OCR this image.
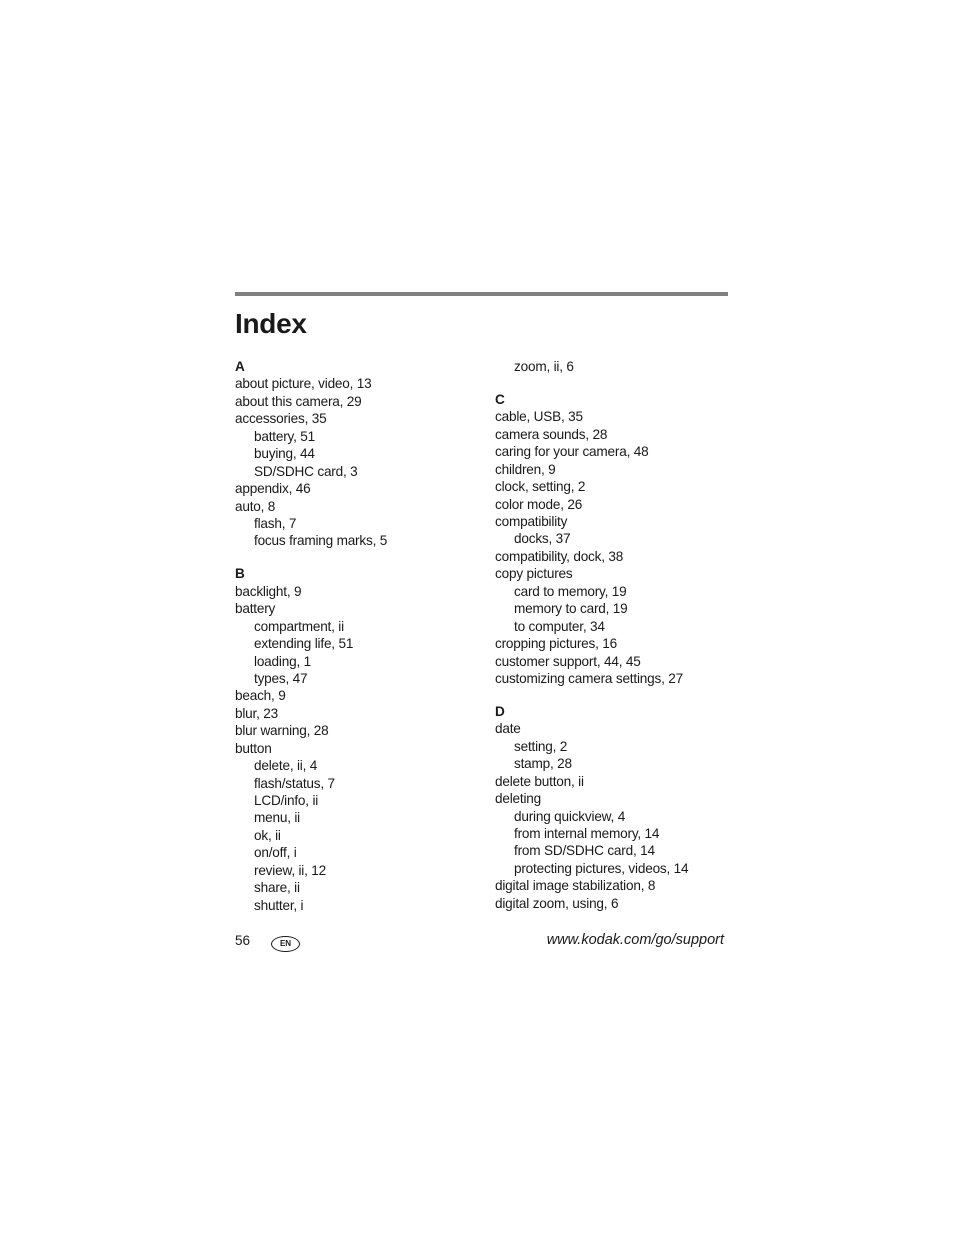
Index
A
about picture, video, 13
about this camera, 29
accessories, 35
battery, 51
buying, 44
SD/SDHC card, 3
appendix, 46
auto, 8
flash, 7
focus framing marks, 5
B
backlight, 9
battery
compartment, ii
extending life, 51
loading, 1
types, 47
beach, 9
blur, 23
blur warning, 28
button
delete, ii, 4
flash/status, 7
LCD/info, ii
menu, ii
ok, ii
on/off, i
review, ii, 12
share, ii
shutter, i
zoom, ii, 6
C
cable, USB, 35
camera sounds, 28
caring for your camera, 48
children, 9
clock, setting, 2
color mode, 26
compatibility
docks, 37
compatibility, dock, 38
copy pictures
card to memory, 19
memory to card, 19
to computer, 34
cropping pictures, 16
customer support, 44, 45
customizing camera settings, 27
D
date
setting, 2
stamp, 28
delete button, ii
deleting
during quickview, 4
from internal memory, 14
from SD/SDHC card, 14
protecting pictures, videos, 14
digital image stabilization, 8
digital zoom, using, 6
56	EN	www.kodak.com/go/support
